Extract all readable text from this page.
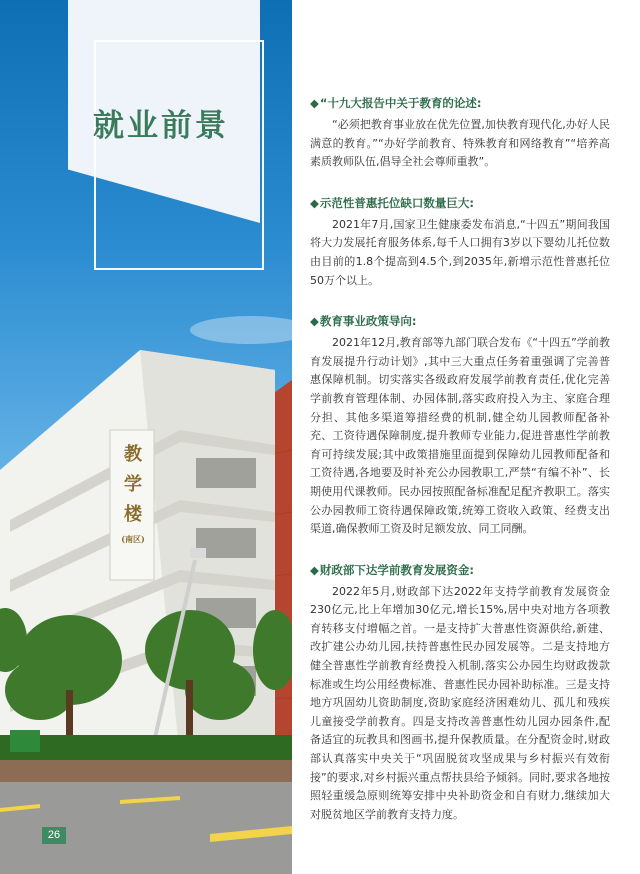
教
学
楼
(南区)
就业前景
26
◆“十九大报告中关于教育的论述:

“必须把教育事业放在优先位置,加快教育现代化,办好人民满意的教育。”“办好学前教育、特殊教育和网络教育”“培养高素质教师队伍,倡导全社会尊师重教”。

◆示范性普惠托位缺口数量巨大:

2021年7月,国家卫生健康委发布消息,“十四五”期间我国将大力发展托育服务体系,每千人口拥有3岁以下婴幼儿托位数由目前的1.8个提高到4.5个,到2035年,新增示范性普惠托位50万个以上。

◆教育事业政策导向:

2021年12月,教育部等九部门联合发布《“十四五”学前教育发展提升行动计划》,其中三大重点任务着重强调了完善普惠保障机制。切实落实各级政府发展学前教育责任,优化完善学前教育管理体制、办园体制,落实政府投入为主、家庭合理分担、其他多渠道筹措经费的机制,健全幼儿园教师配备补充、工资待遇保障制度,提升教师专业能力,促进普惠性学前教育可持续发展;其中政策措施里面提到保障幼儿园教师配备和工资待遇,各地要及时补充公办园教职工,严禁“有编不补”、长期使用代课教师。民办园按照配备标准配足配齐教职工。落实公办园教师工资待遇保障政策,统筹工资收入政策、经费支出渠道,确保教师工资及时足额发放、同工同酬。

◆财政部下达学前教育发展资金:

2022年5月,财政部下达2022年支持学前教育发展资金230亿元,比上年增加30亿元,增长15%,居中央对地方各项教育转移支付增幅之首。一是支持扩大普惠性资源供给,新建、改扩建公办幼儿园,扶持普惠性民办园发展等。二是支持地方健全普惠性学前教育经费投入机制,落实公办园生均财政拨款标准或生均公用经费标准、普惠性民办园补助标准。三是支持地方巩固幼儿资助制度,资助家庭经济困难幼儿、孤儿和残疾儿童接受学前教育。四是支持改善普惠性幼儿园办园条件,配备适宜的玩教具和图画书,提升保教质量。在分配资金时,财政部认真落实中央关于“巩固脱贫攻坚成果与乡村振兴有效衔接”的要求,对乡村振兴重点帮扶县给予倾斜。同时,要求各地按照轻重缓急原则统筹安排中央补助资金和自有财力,继续加大对脱贫地区学前教育支持力度。
